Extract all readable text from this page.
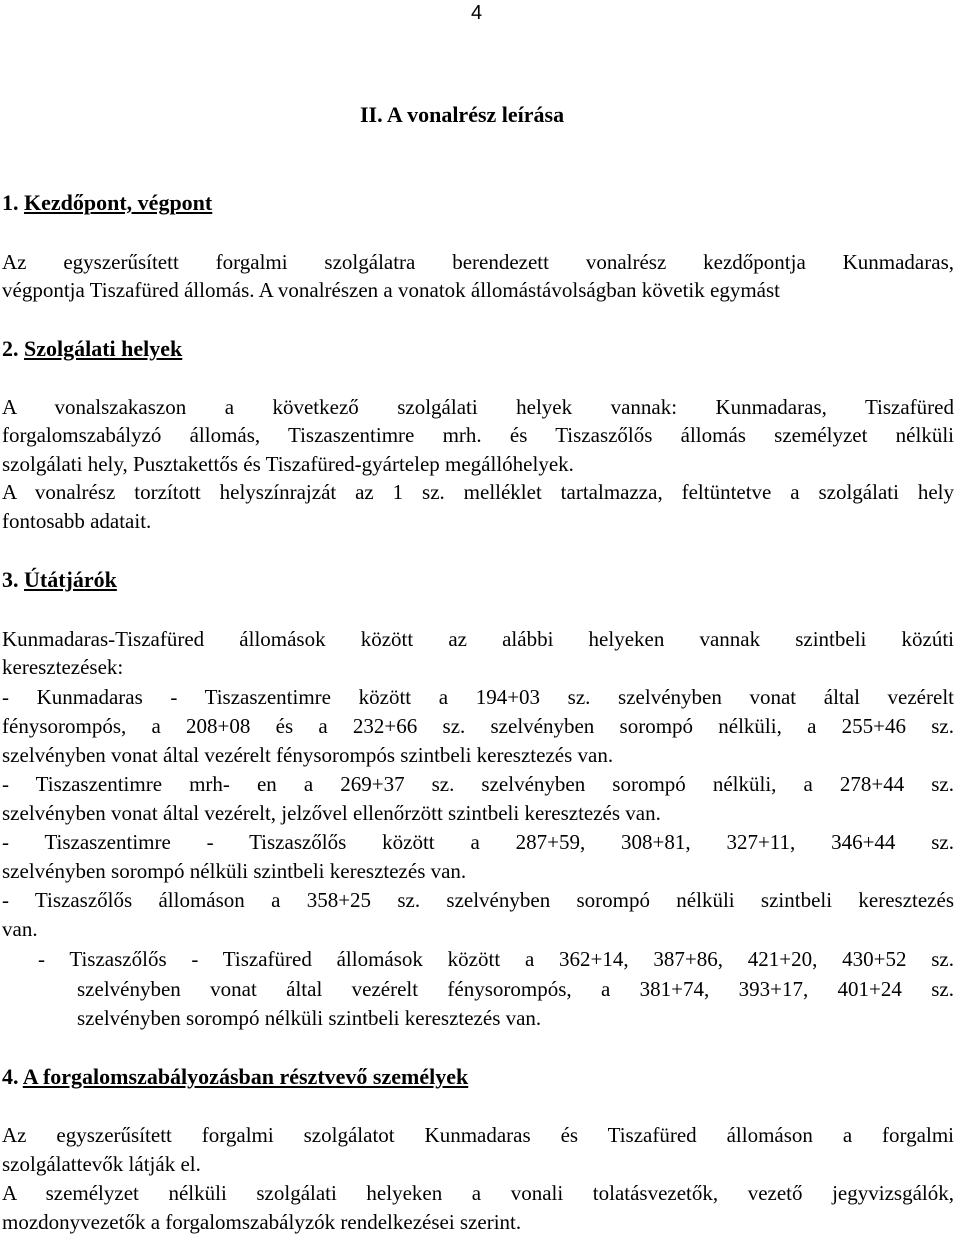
4
II. A vonalrész leírása
1. Kezdőpont, végpont
Az egyszerűsített forgalmi szolgálatra berendezett vonalrész kezdőpontja Kunmadaras,
végpontja Tiszafüred állomás. A vonalrészen a vonatok állomástávolságban követik egymást
2. Szolgálati helyek
A vonalszakaszon a következő szolgálati helyek vannak: Kunmadaras, Tiszafüred
forgalomszabályzó állomás, Tiszaszentimre mrh. és Tiszaszőlős állomás személyzet nélküli
szolgálati hely, Pusztakettős és Tiszafüred-gyártelep megállóhelyek.
A vonalrész torzított helyszínrajzát az 1 sz. melléklet tartalmazza, feltüntetve a szolgálati hely
fontosabb adatait.
3. Útátjárók
Kunmadaras-Tiszafüred állomások között az alábbi helyeken vannak szintbeli közúti
keresztezések:
- Kunmadaras - Tiszaszentimre között a 194+03 sz. szelvényben vonat által vezérelt
fénysorompós, a 208+08 és a 232+66 sz. szelvényben sorompó nélküli, a 255+46 sz.
szelvényben vonat által vezérelt fénysorompós szintbeli keresztezés van.
- Tiszaszentimre mrh- en a 269+37 sz. szelvényben sorompó nélküli, a 278+44 sz.
szelvényben vonat által vezérelt, jelzővel ellenőrzött szintbeli keresztezés van.
- Tiszaszentimre - Tiszaszőlős között a 287+59, 308+81, 327+11, 346+44 sz.
szelvényben sorompó nélküli szintbeli keresztezés van.
- Tiszaszőlős állomáson a 358+25 sz. szelvényben sorompó nélküli szintbeli keresztezés
van.
- Tiszaszőlős - Tiszafüred állomások között a 362+14, 387+86, 421+20, 430+52 sz.
szelvényben vonat által vezérelt fénysorompós, a 381+74, 393+17, 401+24 sz.
szelvényben sorompó nélküli szintbeli keresztezés van.
4. A forgalomszabályozásban résztvevő személyek
Az egyszerűsített forgalmi szolgálatot Kunmadaras és Tiszafüred állomáson a forgalmi
szolgálattevők látják el.
A személyzet nélküli szolgálati helyeken a vonali tolatásvezetők, vezető jegyvizsgálók,
mozdonyvezetők a forgalomszabályzók rendelkezései szerint.
